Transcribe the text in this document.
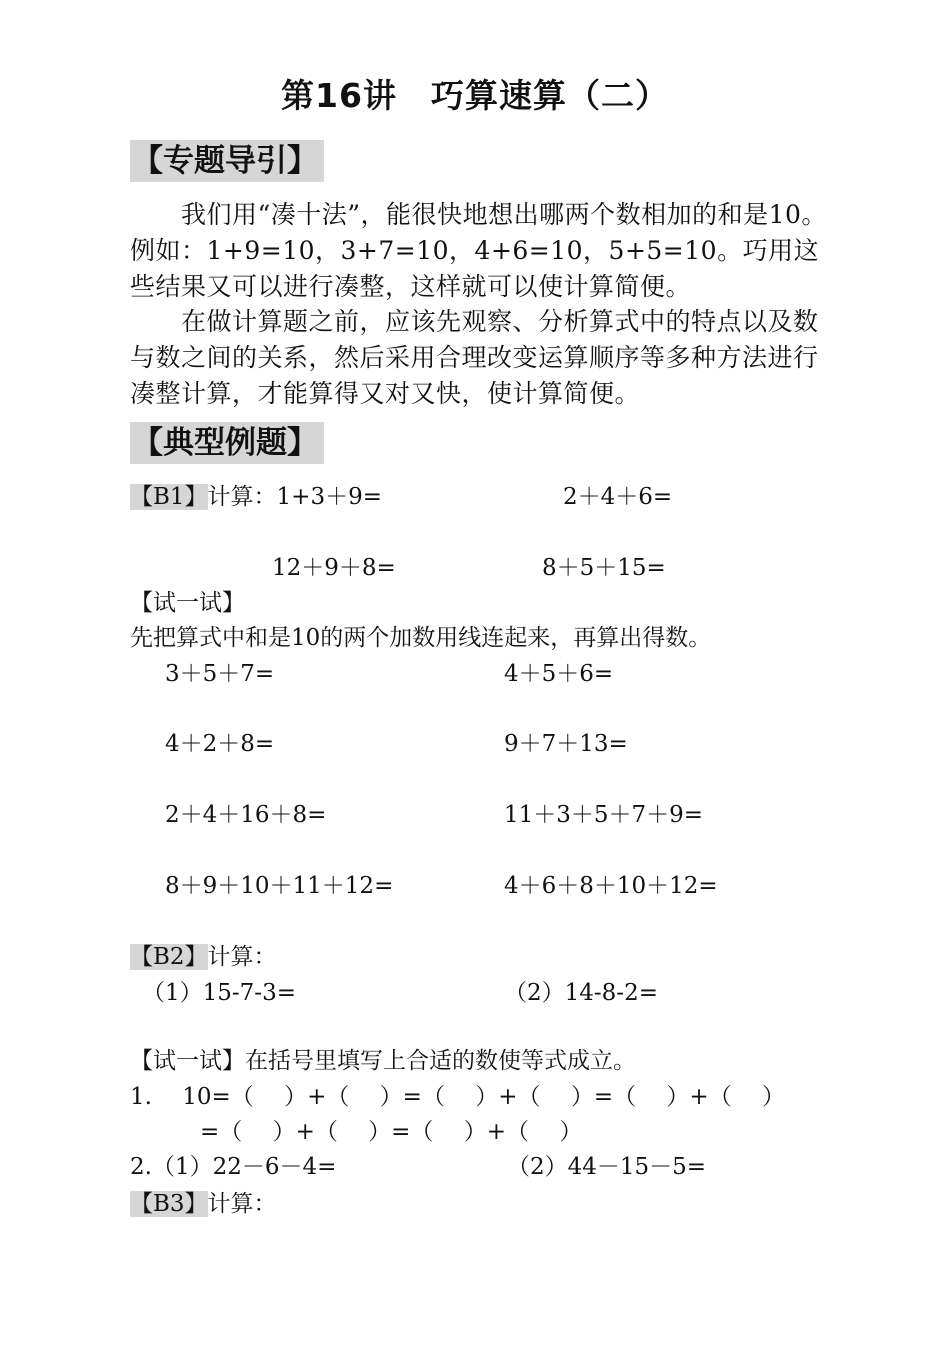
第16讲　巧算速算（二）
【专题导引】
　　我们用“凑十法”，能很快地想出哪两个数相加的和是10。例如：1+9=10，3+7=10，4+6=10，5+5=10。巧用这些结果又可以进行凑整，这样就可以使计算简便。
　　在做计算题之前，应该先观察、分析算式中的特点以及数与数之间的关系，然后采用合理改变运算顺序等多种方法进行凑整计算，才能算得又对又快，使计算简便。
【典型例题】
【B1】计算：1+3＋9=	2＋4＋6=
12＋9＋8=	8＋5＋15=
【试一试】
先把算式中和是10的两个加数用线连起来，再算出得数。
3＋5＋7=	4＋5＋6=
4＋2＋8=	9＋7＋13=
2＋4＋16＋8=	11＋3＋5＋7＋9=
8＋9＋10＋11＋12=	4＋6＋8＋10＋12=
【B2】计算：
（1）15-7-3=	（2）14-8-2=
【试一试】在括号里填写上合适的数使等式成立。
1.　 10=（　 ）+（　 ）=（　 ）+（　 ）=（　 ）+（　 ）
=（　 ）+（　 ）=（　 ）+（　 ）
2.（1）22－6－4=	（2）44－15－5=
【B3】计算：
